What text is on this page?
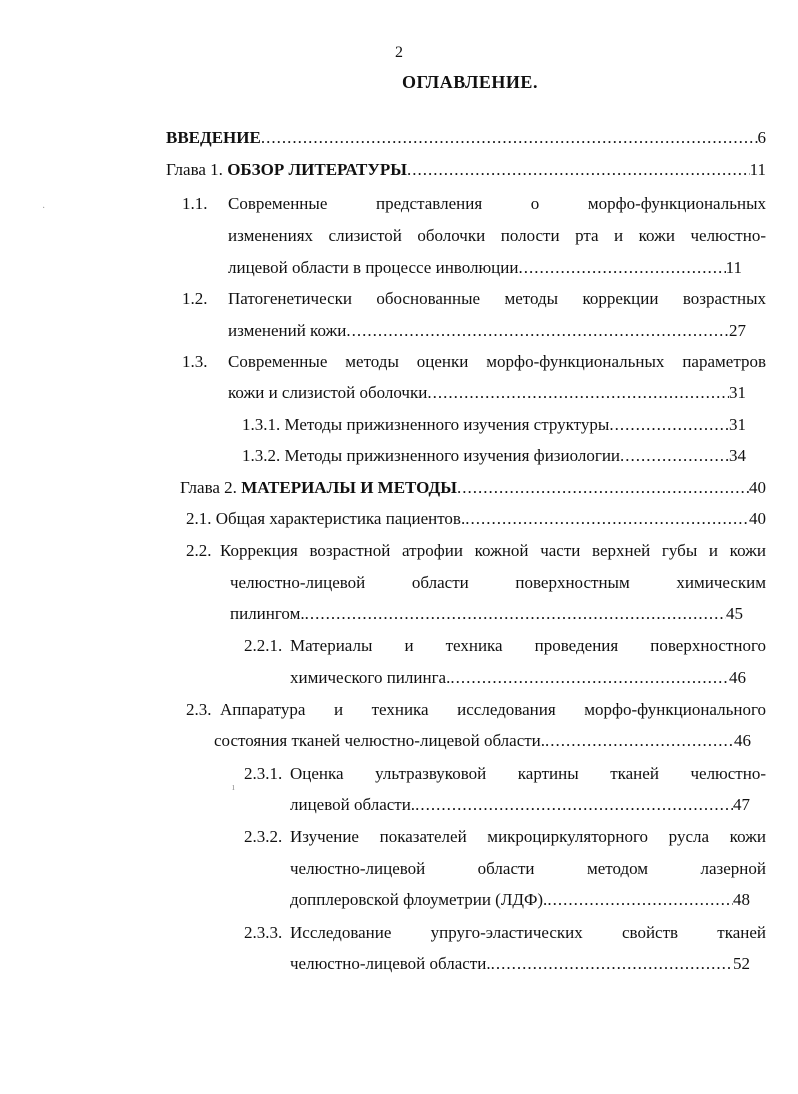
2
ОГЛАВЛЕНИЕ.
ВВЕДЕНИЕ .....	6
Глава 1.
ОБЗОР ЛИТЕРАТУРЫ .....	11
1.1. Современные представления о морфо-функциональных
изменениях слизистой оболочки полости рта и кожи челюстно-
лицевой области в процессе инволюции .....	11
1.2. Патогенетически обоснованные методы коррекции возрастных
изменений кожи .....	27
1.3. Современные методы оценки морфо-функциональных параметров
кожи и слизистой оболочки .....	31
1.3.1.
Методы прижизненного изучения структуры .....	31
1.3.2.
Методы прижизненного изучения физиологии .....	34
Глава 2.
МАТЕРИАЛЫ И МЕТОДЫ .....	40
2.1.
Общая характеристика пациентов. .....	40
2.2. Коррекция возрастной атрофии кожной части верхней губы и кожи
челюстно-лицевой области поверхностным химическим
пилингом. .....	45
2.2.1. Материалы и техника проведения поверхностного
химического пилинга. .....	46
2.3. Аппаратура и техника исследования морфо-функционального
состояния тканей челюстно-лицевой области. .....	46
2.3.1. Оценка ультразвуковой картины тканей челюстно-
лицевой области. .....	47
2.3.2. Изучение показателей микроциркуляторного русла кожи
челюстно-лицевой области методом лазерной
допплеровской флоуметрии (ЛДФ). .....	48
2.3.3. Исследование упруго-эластических свойств тканей
челюстно-лицевой области. .....	52
·
ı
